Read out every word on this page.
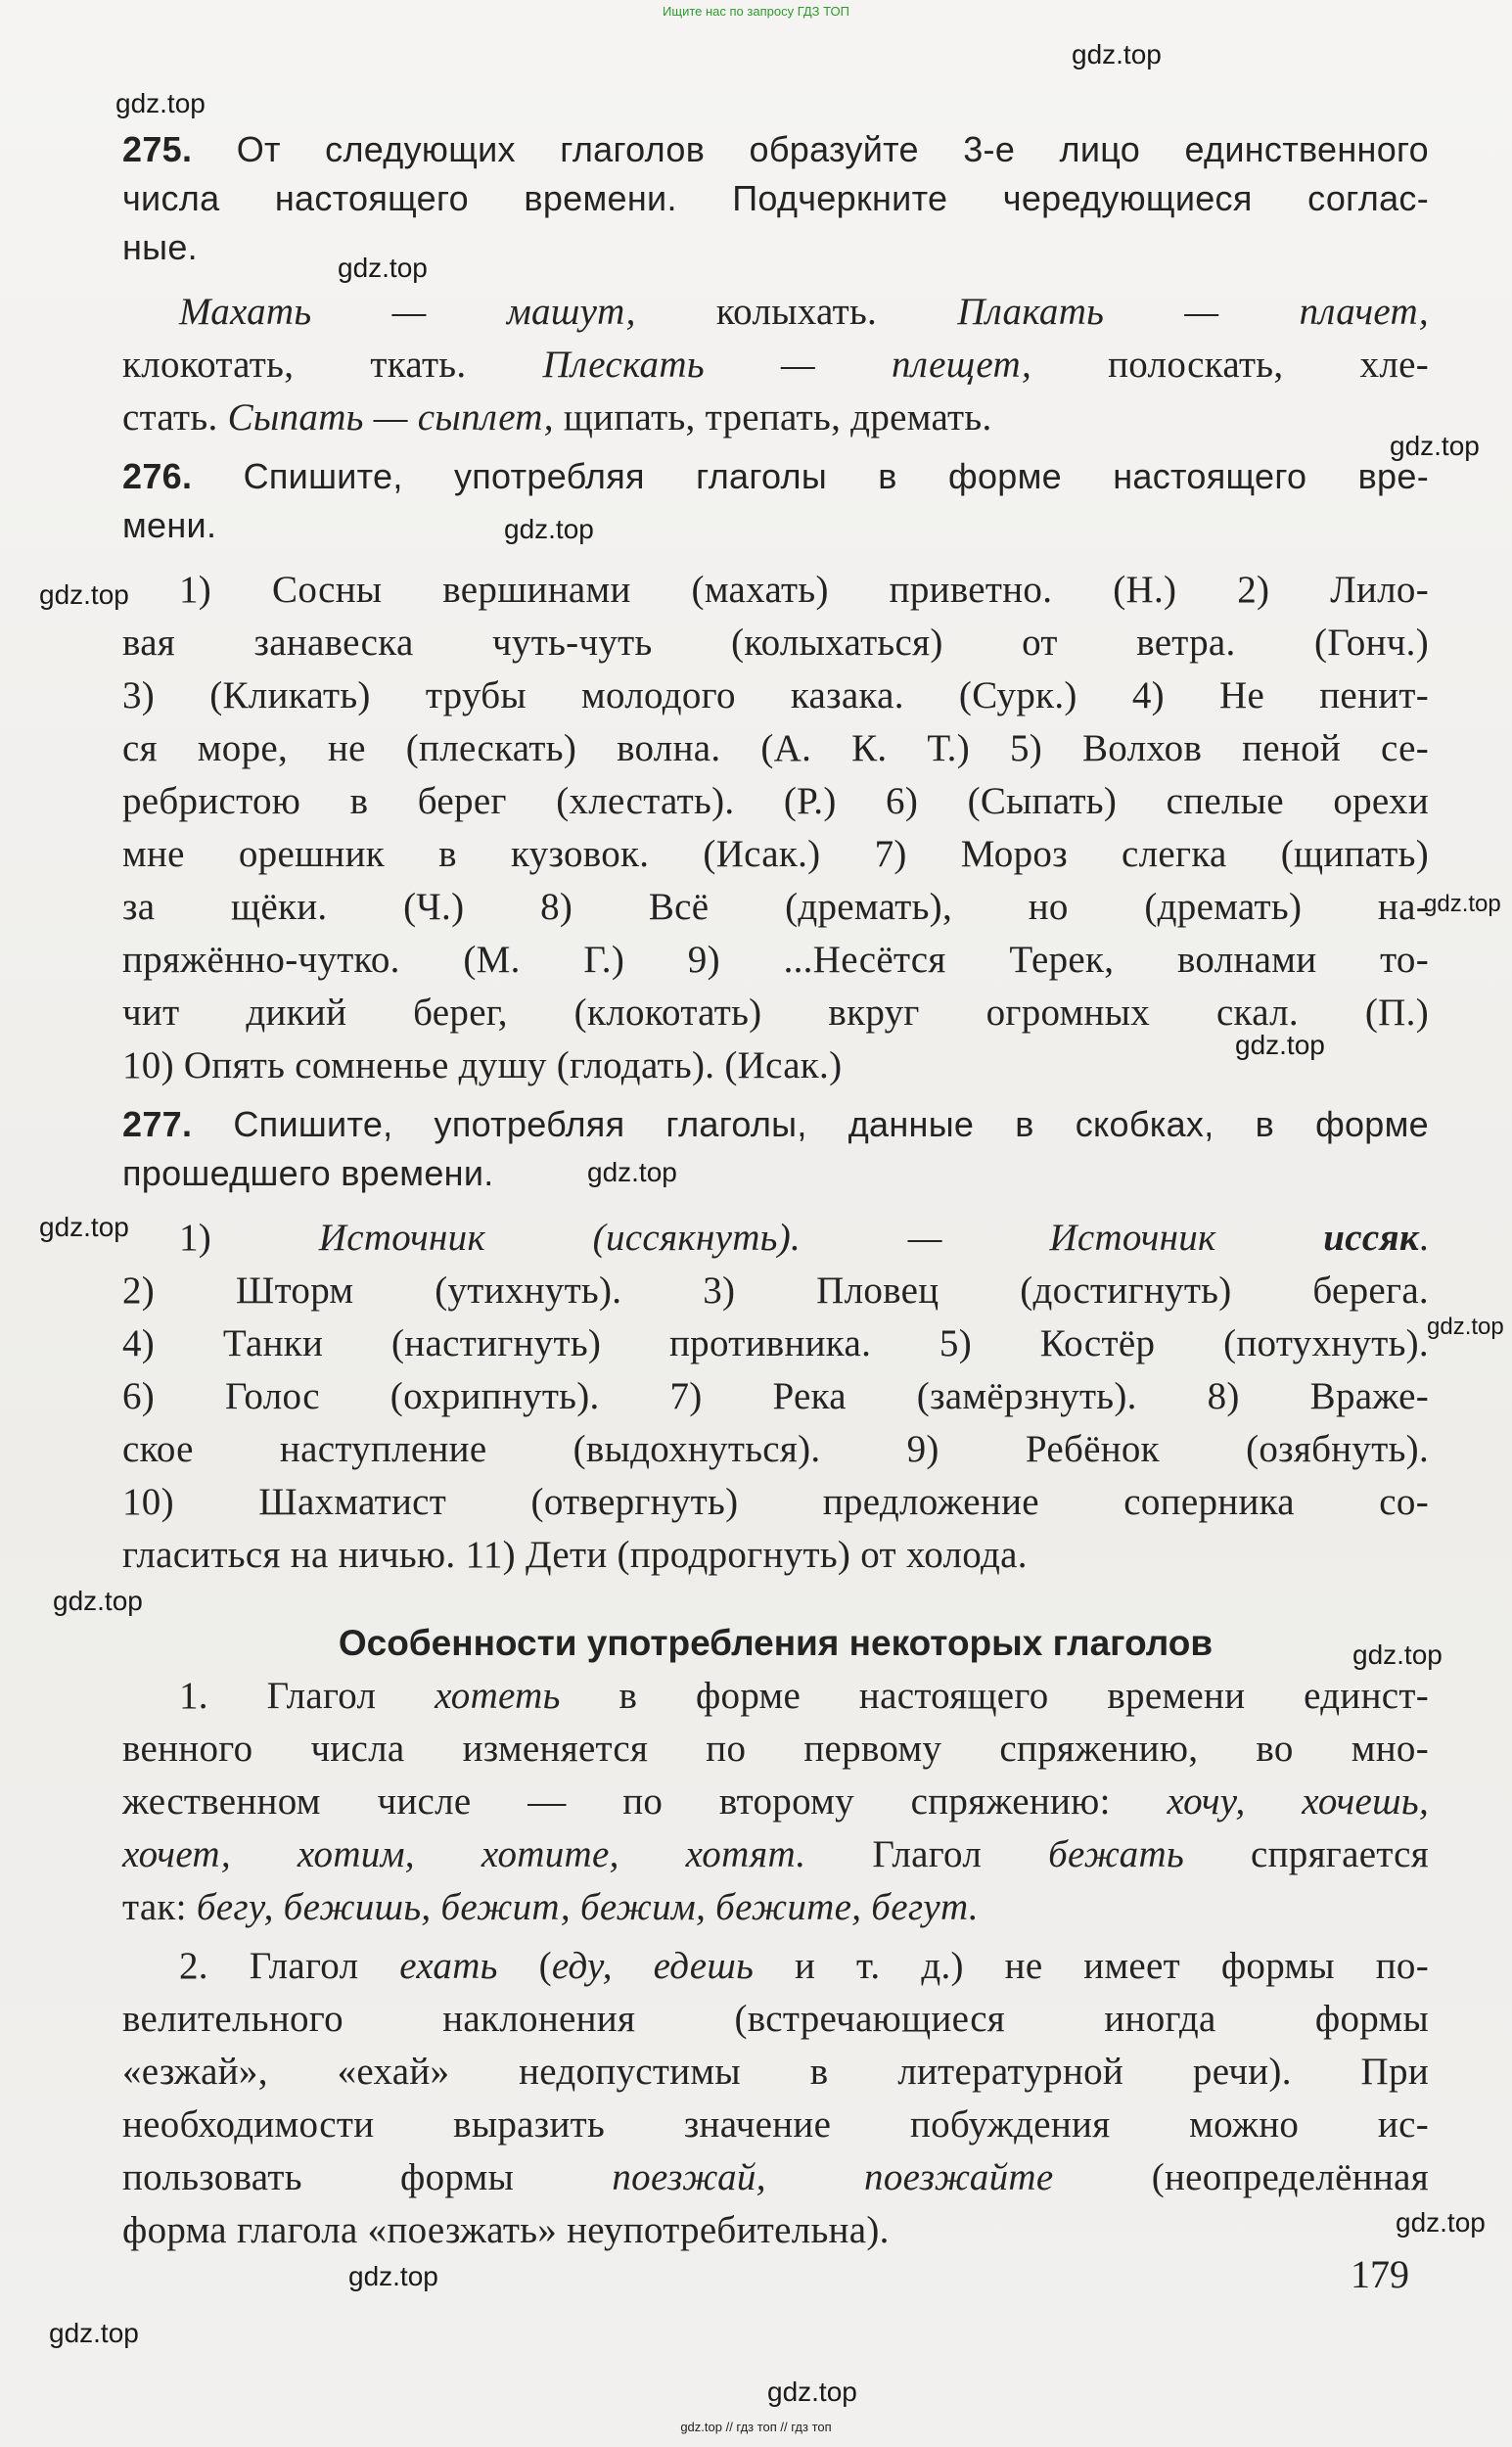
Ищите нас по запросу ГДЗ ТОП
gdz.top
gdz.top
gdz.top
gdz.top
gdz.top
gdz.top
gdz.top
gdz.top
gdz.top
gdz.top
gdz.top
gdz.top
gdz.top
gdz.top
gdz.top
gdz.top
gdz.top
275. От следующих глаголов образуйте 3-е лицо единственного
числа настоящего времени. Подчеркните чередующиеся соглас-
ные.
Махать — машут, колыхать. Плакать — плачет,
клокотать, ткать. Плескать — плещет, полоскать, хле-
стать. Сыпать — сыплет, щипать, трепать, дремать.
276. Спишите, употребляя глаголы в форме настоящего вре-
мени.
1) Сосны вершинами (махать) приветно. (Н.) 2) Лило-
вая занавеска чуть-чуть (колыхаться) от ветра. (Гонч.)
3) (Кликать) трубы молодого казака. (Сурк.) 4) Не пенит-
ся море, не (плескать) волна. (А. К. Т.) 5) Волхов пеной се-
ребристою в берег (хлестать). (Р.) 6) (Сыпать) спелые орехи
мне орешник в кузовок. (Исак.) 7) Мороз слегка (щипать)
за щёки. (Ч.) 8) Всё (дремать), но (дремать) на-
пряжённо-чутко. (М. Г.) 9) ...Несётся Терек, волнами то-
чит дикий берег, (клокотать) вкруг огромных скал. (П.)
10) Опять сомненье душу (глодать). (Исак.)
277. Спишите, употребляя глаголы, данные в скобках, в форме
прошедшего времени.
1) Источник (иссякнуть). — Источник иссяк.
2) Шторм (утихнуть). 3) Пловец (достигнуть) берега.
4) Танки (настигнуть) противника. 5) Костёр (потухнуть).
6) Голос (охрипнуть). 7) Река (замёрзнуть). 8) Враже-
ское наступление (выдохнуться). 9) Ребёнок (озябнуть).
10) Шахматист (отвергнуть) предложение соперника со-
гласиться на ничью. 11) Дети (продрогнуть) от холода.
Особенности употребления некоторых глаголов
1. Глагол хотеть в форме настоящего времени единст-
венного числа изменяется по первому спряжению, во мно-
жественном числе — по второму спряжению: хочу, хочешь,
хочет, хотим, хотите, хотят. Глагол бежать спрягается
так: бегу, бежишь, бежит, бежим, бежите, бегут.
2. Глагол ехать (еду, едешь и т. д.) не имеет формы по-
велительного наклонения (встречающиеся иногда формы
«езжай», «ехай» недопустимы в литературной речи). При
необходимости выразить значение побуждения можно ис-
пользовать формы поезжай, поезжайте (неопределённая
форма глагола «поезжать» неупотребительна).
179
gdz.top // гдз топ // гдз топ
